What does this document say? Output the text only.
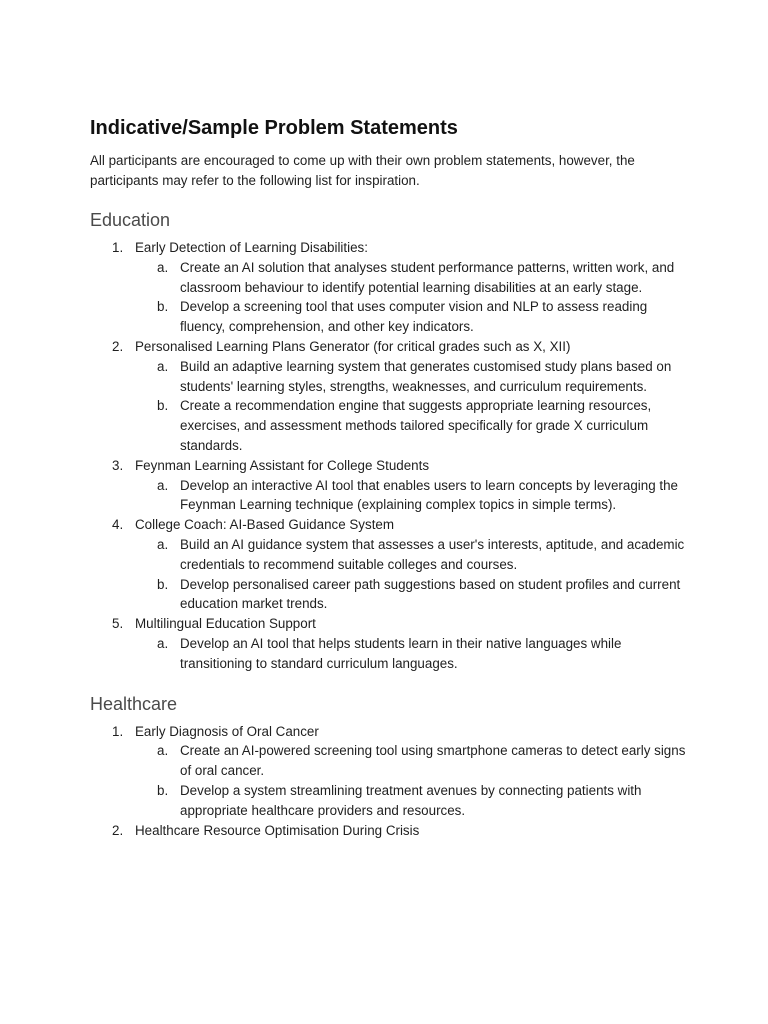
Indicative/Sample Problem Statements

All participants are encouraged to come up with their own problem statements, however, the participants may refer to the following list for inspiration.

Education
1. Early Detection of Learning Disabilities:
a. Create an AI solution that analyses student performance patterns, written work, and classroom behaviour to identify potential learning disabilities at an early stage.
b. Develop a screening tool that uses computer vision and NLP to assess reading fluency, comprehension, and other key indicators.
2. Personalised Learning Plans Generator (for critical grades such as X, XII)
a. Build an adaptive learning system that generates customised study plans based on students' learning styles, strengths, weaknesses, and curriculum requirements.
b. Create a recommendation engine that suggests appropriate learning resources, exercises, and assessment methods tailored specifically for grade X curriculum standards.
3. Feynman Learning Assistant for College Students
a. Develop an interactive AI tool that enables users to learn concepts by leveraging the Feynman Learning technique (explaining complex topics in simple terms).
4. College Coach: AI-Based Guidance System
a. Build an AI guidance system that assesses a user's interests, aptitude, and academic credentials to recommend suitable colleges and courses.
b. Develop personalised career path suggestions based on student profiles and current education market trends.
5. Multilingual Education Support
a. Develop an AI tool that helps students learn in their native languages while transitioning to standard curriculum languages.
Healthcare
1. Early Diagnosis of Oral Cancer
a. Create an AI-powered screening tool using smartphone cameras to detect early signs of oral cancer.
b. Develop a system streamlining treatment avenues by connecting patients with appropriate healthcare providers and resources.
2. Healthcare Resource Optimisation During Crisis
